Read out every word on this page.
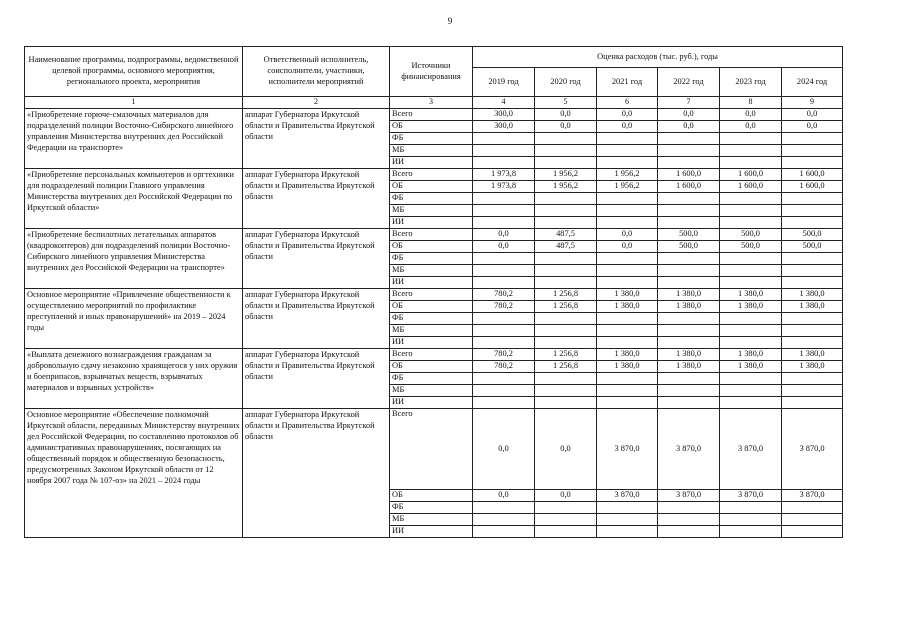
9
Наименование программы, подпрограммы, ведомственной целевой программы, основного мероприятия, регионального проекта, мероприятия	Ответственный исполнитель, соисполнители, участники, исполнители мероприятий	Источники финансирования	Оценка расходов (тыс. руб.), годы					
			2019 год	2020 год	2021 год	2022 год	2023 год	2024 год
1	2	3	4	5	6	7	8	9
«Приобретение горюче-смазочных материалов для подразделений полиции Восточно-Сибирского линейного управления Министерства внутренних дел Российской Федерации на транспорте»	аппарат Губернатора Иркутской области и Правительства Иркутской области	Всего	300,0	0,0	0,0	0,0	0,0	0,0
		ОБ	300,0	0,0	0,0	0,0	0,0	0,0
		ФБ						
		МБ						
		ИИ						
«Приобретение персональных компьютеров и оргтехники для подразделений полиции Главного управления Министерства внутренних дел Российской Федерации по Иркутской области»	аппарат Губернатора Иркутской области и Правительства Иркутской области	Всего	1 973,8	1 956,2	1 956,2	1 600,0	1 600,0	1 600,0
		ОБ	1 973,8	1 956,2	1 956,2	1 600,0	1 600,0	1 600,0
		ФБ						
		МБ						
		ИИ						
«Приобретение беспилотных летательных аппаратов (квадрокоптеров) для подразделений полиции Восточно-Сибирского линейного управления Министерства внутренних дел Российской Федерации на транспорте»	аппарат Губернатора Иркутской области и Правительства Иркутской области	Всего	0,0	487,5	0,0	500,0	500,0	500,0
		ОБ	0,0	487,5	0,0	500,0	500,0	500,0
		ФБ						
		МБ						
		ИИ						
Основное мероприятие «Привлечение общественности к осуществлению мероприятий по профилактике преступлений и иных правонарушений» на 2019 – 2024 годы	аппарат Губернатора Иркутской области и Правительства Иркутской области	Всего	780,2	1 256,8	1 380,0	1 380,0	1 380,0	1 380,0
		ОБ	780,2	1 256,8	1 380,0	1 380,0	1 380,0	1 380,0
		ФБ						
		МБ						
		ИИ						
«Выплата денежного вознаграждения гражданам за добровольную сдачу незаконно хранящегося у них оружия и боеприпасов, взрывчатых веществ, взрывчатых материалов и взрывных устройств»	аппарат Губернатора Иркутской области и Правительства Иркутской области	Всего	780,2	1 256,8	1 380,0	1 380,0	1 380,0	1 380,0
		ОБ	780,2	1 256,8	1 380,0	1 380,0	1 380,0	1 380,0
		ФБ						
		МБ						
		ИИ						
Основное мероприятие «Обеспечение полномочий Иркутской области, переданных Министерству внутренних дел Российской Федерации, по составлению протоколов об административных правонарушениях, посягающих на общественный порядок и общественную безопасность, предусмотренных Законом Иркутской области от 12 ноября 2007 года № 107-оз» на 2021 – 2024 годы	аппарат Губернатора Иркутской области и Правительства Иркутской области	Всего	0,0	0,0	3 870,0	3 870,0	3 870,0	3 870,0
		ОБ	0,0	0,0	3 870,0	3 870,0	3 870,0	3 870,0
		ФБ						
		МБ						
		ИИ						
